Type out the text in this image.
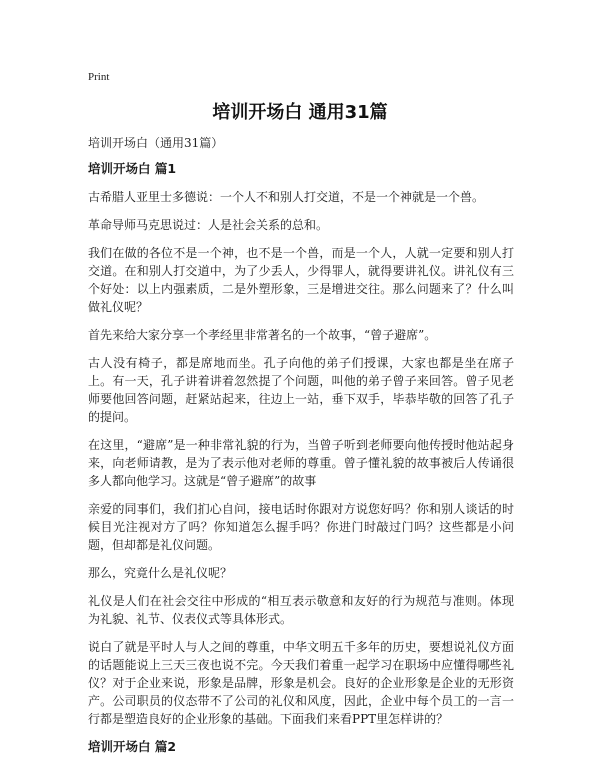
Print
培训开场白 通用31篇
培训开场白（通用31篇）
培训开场白 篇1

古希腊人亚里士多德说：一个人不和别人打交道，不是一个神就是一个兽。

革命导师马克思说过：人是社会关系的总和。

我们在做的各位不是一个神，也不是一个兽，而是一个人，人就一定要和别人打交道。在和别人打交道中，为了少丢人，少得罪人，就得要讲礼仪。讲礼仪有三个好处：以上内强素质，二是外塑形象，三是增进交往。那么问题来了？什么叫做礼仪呢？

首先来给大家分享一个孝经里非常著名的一个故事，“曾子避席”。

古人没有椅子，都是席地而坐。孔子向他的弟子们授课，大家也都是坐在席子上。有一天，孔子讲着讲着忽然提了个问题，叫他的弟子曾子来回答。曾子见老师要他回答问题，赶紧站起来，往边上一站，垂下双手，毕恭毕敬的回答了孔子的提问。

在这里，“避席”是一种非常礼貌的行为，当曾子听到老师要向他传授时他站起身来，向老师请教，是为了表示他对老师的尊重。曾子懂礼貌的故事被后人传诵很多人都向他学习。这就是“曾子避席”的故事

亲爱的同事们，我们扪心自问，接电话时你跟对方说您好吗？你和别人谈话的时候目光注视对方了吗？你知道怎么握手吗？你进门时敲过门吗？这些都是小问题，但却都是礼仪问题。

那么，究竟什么是礼仪呢？

礼仪是人们在社会交往中形成的“相互表示敬意和友好的行为规范与准则。体现为礼貌、礼节、仪表仪式等具体形式。

说白了就是平时人与人之间的尊重，中华文明五千多年的历史，要想说礼仪方面的话题能说上三天三夜也说不完。今天我们着重一起学习在职场中应懂得哪些礼仪？对于企业来说，形象是品牌，形象是机会。良好的企业形象是企业的无形资产。公司职员的仪态带不了公司的礼仪和风度，因此，企业中每个员工的一言一行都是塑造良好的企业形象的基础。下面我们来看PPT里怎样讲的？

培训开场白 篇2
